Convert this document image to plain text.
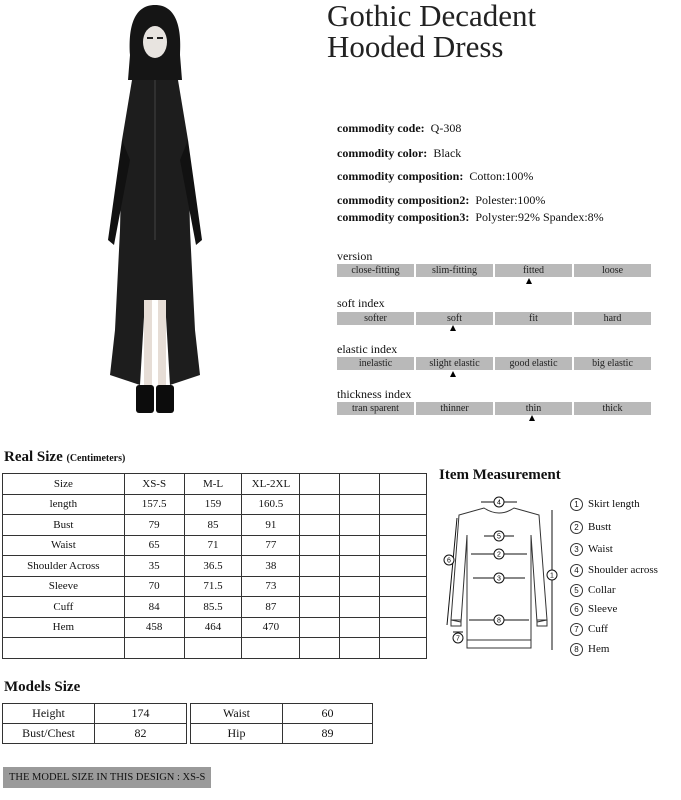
Gothic Decadent
Hooded Dress
commodity code: Q-308
commodity color: Black
commodity composition: Cotton:100%
commodity composition2: Polester:100%
commodity composition3: Polyster:92% Spandex:8%
version
close-fitting	slim-fitting	fitted	loose
soft index
softer	soft	fit	hard
elastic index
inelastic	slight elastic	good elastic	big elastic
thickness index
tran sparent	thinner	thin	thick
Real Size (Centimeters)
Size	XS-S	M-L	XL-2XL			
length	157.5	159	160.5			
Bust	79	85	91			
Waist	65	71	77			
Shoulder Across	35	36.5	38			
Sleeve	70	71.5	73			
Cuff	84	85.5	87			
Hem	458	464	470			

Item Measurement
4
5
2
3
8
1
6
7
1 Skirt length
2 Bustt
3 Waist
4 Shoulder across
5 Collar
6 Sleeve
7 Cuff
8 Hem
Models Size
Height	174		Waist	60
Bust/Chest	82		Hip	89
THE MODEL SIZE IN THIS DESIGN : XS-S
